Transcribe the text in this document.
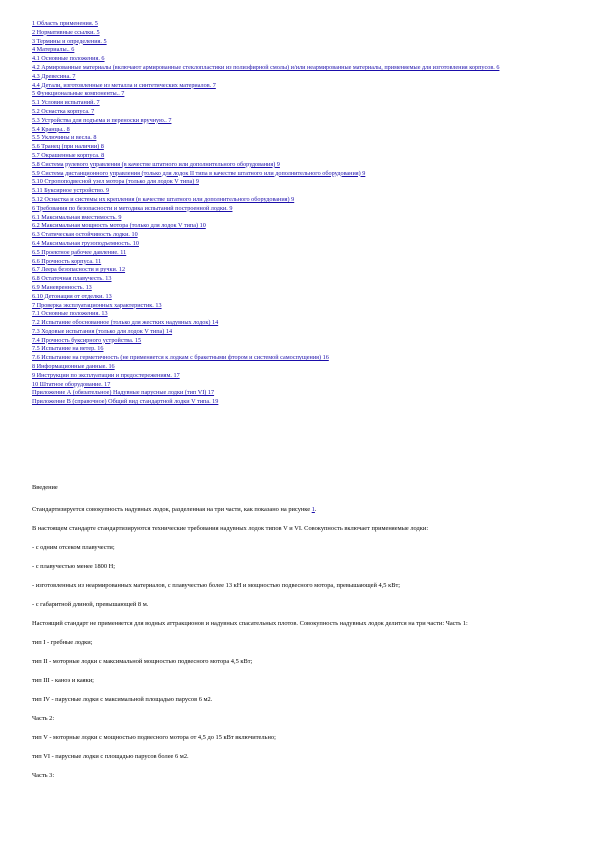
1 Область применения. 5
2 Нормативные ссылки. 5
3 Термины и определения. 5
4 Материалы.. 6
4.1 Основные положения. 6
4.2 Армированные материалы (включают армированные стеклопластики из полиэфирной смолы) и/или неармированные материалы, применяемые для изготовления корпусов. 6
4.3 Древесина. 7
4.4 Детали, изготовленные из металла и синтетических материалов. 7
5 Функциональные компоненты.. 7
5.1 Условия испытаний. 7
5.2 Оснастка корпуса. 7
5.3 Устройства для подъема и переноски вручную.. 7
5.4 Кранцы.. 8
5.5 Уключины и весла. 8
5.6 Транец (при наличии) 8
5.7 Окрашенные корпуса. 8
5.8 Система рулевого управления (в качестве штатного или дополнительного оборудования) 9
5.9 Система дистанционного управления (только для лодок II типа в качестве штатного или дополнительного оборудования) 9
5.10 Стропоподвесной узел мотора (только для лодок V типа) 9
5.11 Буксирное устройство. 9
5.12 Оснастка и системы их крепления (в качестве штатного или дополнительного оборудования) 9
6 Требования по безопасности и методика испытаний построенной лодки. 9
6.1 Максимальная вместимость. 9
6.2 Максимальная мощность мотора (только для лодок V типа) 10
6.3 Статическая остойчивость лодки. 10
6.4 Максимальная грузоподъемность. 10
6.5 Проектное рабочее давление. 11
6.6 Прочность корпуса. 11
6.7 Леера безопасности и ручки. 12
6.8 Остаточная плавучесть. 13
6.9 Маневренность. 13
6.10 Детонация от отделки. 13
7 Проверка эксплуатационных характеристик. 13
7.1 Основные положения. 13
7.2 Испытание обоснованное (только для жестких надувных лодок) 14
7.3 Ходовые испытания (только для лодок V типа) 14
7.4 Прочность буксирного устройства. 15
7.5 Испытание на ветер. 16
7.6 Испытание на герметичность (не применяется к лодкам с бракетными фтором и системой самоспущения) 16
8 Информационные данные. 16
9 Инструкции по эксплуатации и предостережениям. 17
10 Штатное оборудование. 17
Приложение А (обязательное) Надувные парусные лодки (тип VI) 17
Приложение В (справочное) Общий вид стандартной лодки V типа. 19

Введение

Стандартизируется совокупность надувных лодок, разделенная на три части, как показано на рисунке 1.

В настоящем стандарте стандартизируются технические требования надувных лодок типов V и VI. Совокупность включает применяемые лодки:

- с одним отсеком плавучести;

- с плавучестью менее 1800 Н;

- изготовленных из неармированных материалов, с плавучестью более 13 кН и мощностью подвесного мотора, превышающей 4,5 кВт;

- с габаритной длиной, превышающей 8 м.

Настоящий стандарт не применяется для водных аттракционов и надувных спасательных плотов. Совокупность надувных лодок делится на три части: Часть 1:

тип I - гребные лодки;

тип II - моторные лодки с максимальной мощностью подвесного мотора 4,5 кВт;

тип III - каноэ и каяки;

тип IV - парусные лодки с максимальной площадью парусов 6 м2.

Часть 2:

тип V - моторные лодки с мощностью подвесного мотора от 4,5 до 15 кВт включительно;

тип VI - парусные лодки с площадью парусов более 6 м2.

Часть 3:
